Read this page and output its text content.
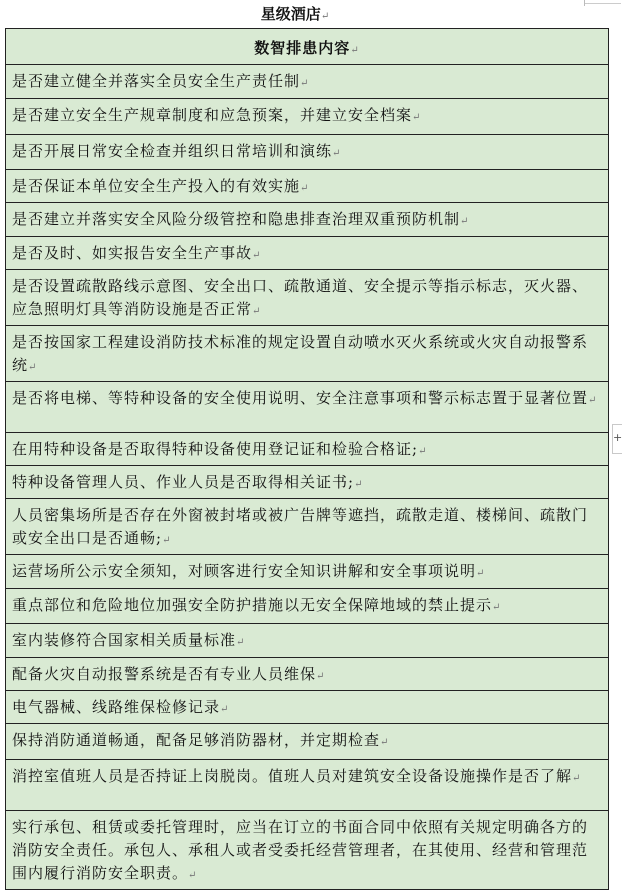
星级酒店↵
数智排患内容↵

是否建立健全并落实全员安全生产责任制↵

是否建立安全生产规章制度和应急预案，并建立安全档案↵

是否开展日常安全检查并组织日常培训和演练↵

是否保证本单位安全生产投入的有效实施↵

是否建立并落实安全风险分级管控和隐患排查治理双重预防机制↵

是否及时、如实报告安全生产事故↵

是否设置疏散路线示意图、安全出口、疏散通道、安全提示等指示标志，灭火器、应急照明灯具等消防设施是否正常↵

是否按国家工程建设消防技术标准的规定设置自动喷水灭火系统或火灾自动报警系统↵

是否将电梯、等特种设备的安全使用说明、安全注意事项和警示标志置于显著位置↵

在用特种设备是否取得特种设备使用登记证和检验合格证;↵

特种设备管理人员、作业人员是否取得相关证书;↵

人员密集场所是否存在外窗被封堵或被广告牌等遮挡，疏散走道、楼梯间、疏散门或安全出口是否通畅;↵

运营场所公示安全须知，对顾客进行安全知识讲解和安全事项说明↵

重点部位和危险地位加强安全防护措施以无安全保障地域的禁止提示↵

室内装修符合国家相关质量标准↵

配备火灾自动报警系统是否有专业人员维保↵

电气器械、线路维保检修记录↵

保持消防通道畅通，配备足够消防器材，并定期检查↵

消控室值班人员是否持证上岗脱岗。值班人员对建筑安全设备设施操作是否了解↵

实行承包、租赁或委托管理时，应当在订立的书面合同中依照有关规定明确各方的消防安全责任。承包人、承租人或者受委托经营管理者，在其使用、经营和管理范围内履行消防安全职责。↵
+
